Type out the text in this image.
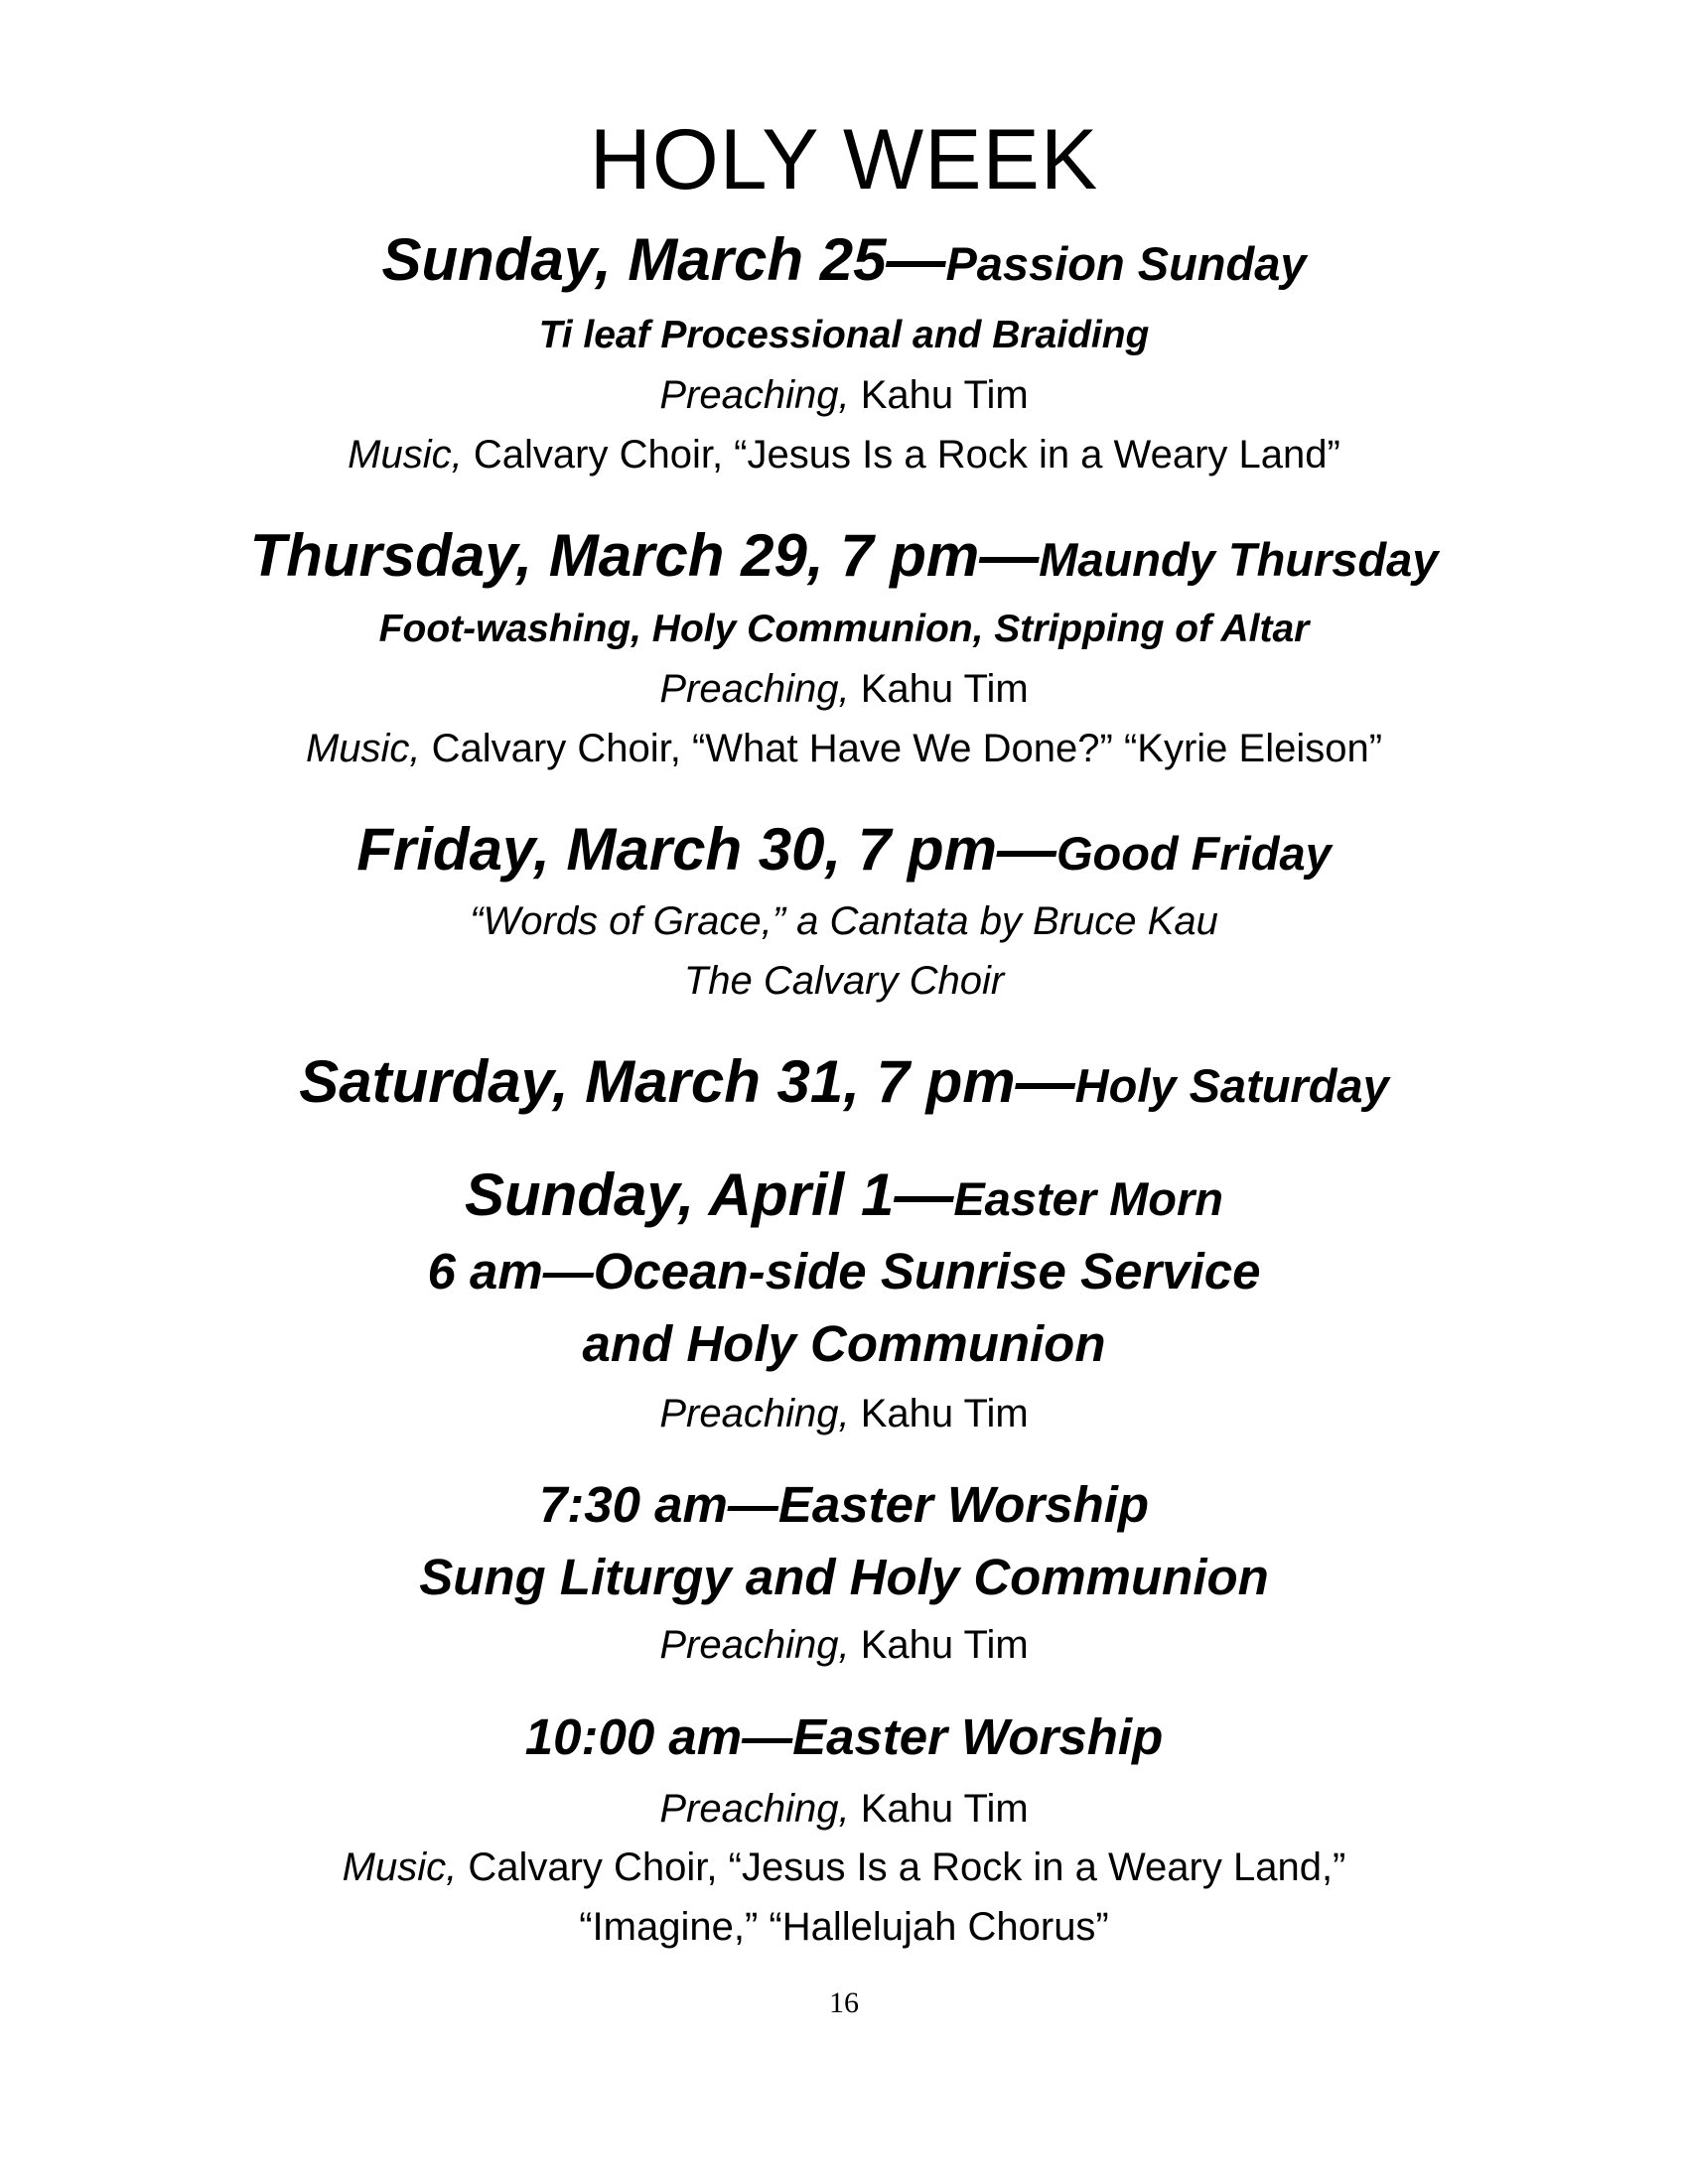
HOLY WEEK
Sunday, March 25—Passion Sunday
Ti leaf Processional and Braiding
Preaching, Kahu Tim
Music, Calvary Choir, “Jesus Is a Rock in a Weary Land”
Thursday, March 29, 7 pm—Maundy Thursday
Foot-washing, Holy Communion, Stripping of Altar
Preaching, Kahu Tim
Music, Calvary Choir, “What Have We Done?” “Kyrie Eleison”
Friday, March 30, 7 pm—Good Friday
“Words of Grace,” a Cantata by Bruce Kau
The Calvary Choir
Saturday, March 31, 7 pm—Holy Saturday
Sunday, April 1—Easter Morn
6 am—Ocean-side Sunrise Service
and Holy Communion
Preaching, Kahu Tim
7:30 am—Easter Worship
Sung Liturgy and Holy Communion
Preaching, Kahu Tim
10:00 am—Easter Worship
Preaching, Kahu Tim
Music, Calvary Choir, “Jesus Is a Rock in a Weary Land,”
“Imagine,” “Hallelujah Chorus”
16
